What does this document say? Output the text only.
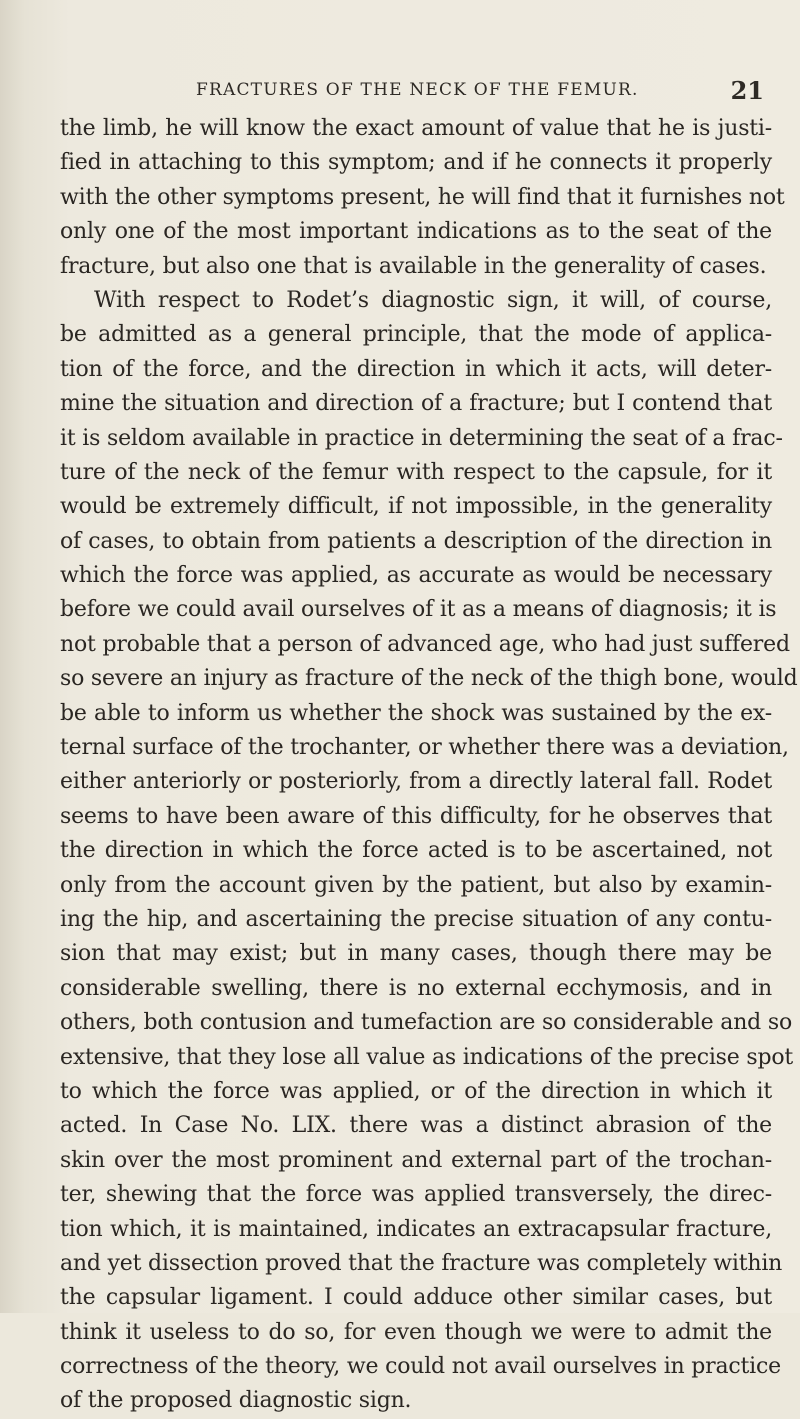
FRACTURES OF THE NECK OF THE FEMUR.	21
the limb, he will know the exact amount of value that he is justi-
fied in attaching to this symptom; and if he connects it properly
with the other symptoms present, he will find that it furnishes not
only one of the most important indications as to the seat of the
fracture, but also one that is available in the generality of cases.
With respect to Rodet’s diagnostic sign, it will, of course,
be admitted as a general principle, that the mode of applica-
tion of the force, and the direction in which it acts, will deter-
mine the situation and direction of a fracture; but I contend that
it is seldom available in practice in determining the seat of a frac-
ture of the neck of the femur with respect to the capsule, for it
would be extremely difficult, if not impossible, in the generality
of cases, to obtain from patients a description of the direction in
which the force was applied, as accurate as would be necessary
before we could avail ourselves of it as a means of diagnosis; it is
not probable that a person of advanced age, who had just suffered
so severe an injury as fracture of the neck of the thigh bone, would
be able to inform us whether the shock was sustained by the ex-
ternal surface of the trochanter, or whether there was a deviation,
either anteriorly or posteriorly, from a directly lateral fall. Rodet
seems to have been aware of this difficulty, for he observes that
the direction in which the force acted is to be ascertained, not
only from the account given by the patient, but also by examin-
ing the hip, and ascertaining the precise situation of any contu-
sion that may exist; but in many cases, though there may be
considerable swelling, there is no external ecchymosis, and in
others, both contusion and tumefaction are so considerable and so
extensive, that they lose all value as indications of the precise spot
to which the force was applied, or of the direction in which it
acted. In Case No. LIX. there was a distinct abrasion of the
skin over the most prominent and external part of the trochan-
ter, shewing that the force was applied transversely, the direc-
tion which, it is maintained, indicates an extracapsular fracture,
and yet dissection proved that the fracture was completely within
the capsular ligament. I could adduce other similar cases, but
think it useless to do so, for even though we were to admit the
correctness of the theory, we could not avail ourselves in practice
of the proposed diagnostic sign.
